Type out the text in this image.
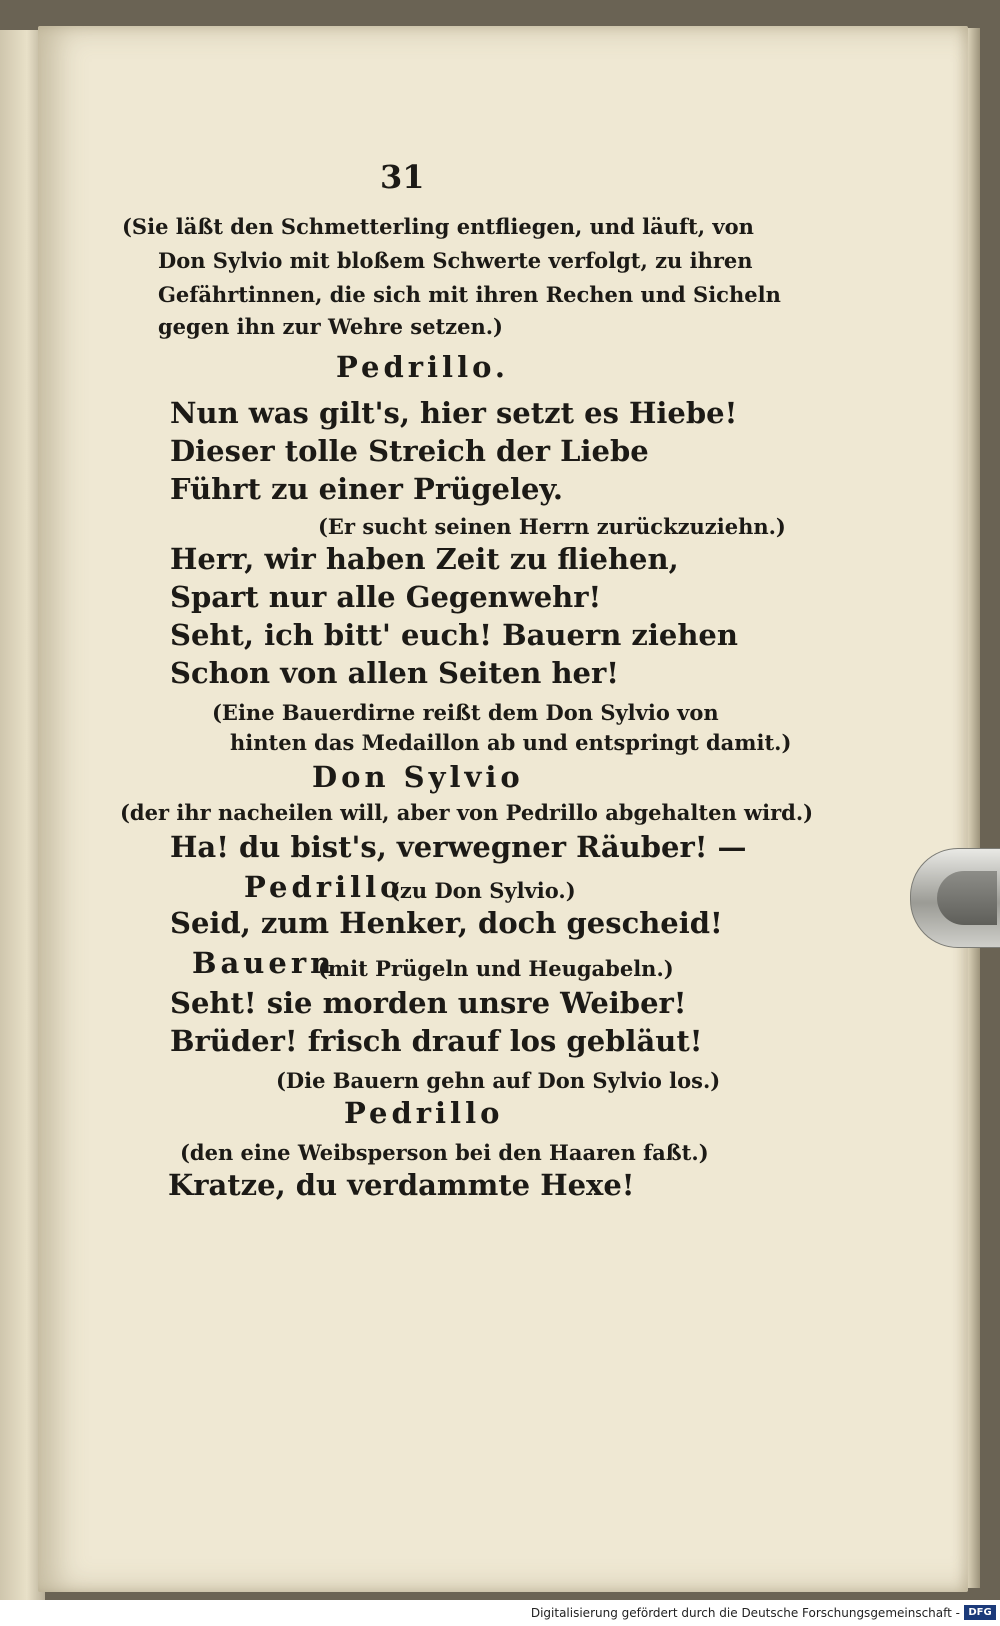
31
(Sie läßt den Schmetterling entfliegen, und läuft, von
Don Sylvio mit bloßem Schwerte verfolgt, zu ihren
Gefährtinnen, die sich mit ihren Rechen und Sicheln
gegen ihn zur Wehre setzen.)
Pedrillo.
Nun was gilt's, hier setzt es Hiebe!
Dieser tolle Streich der Liebe
Führt zu einer Prügeley.
(Er sucht seinen Herrn zurückzuziehn.)
Herr, wir haben Zeit zu fliehen,
Spart nur alle Gegenwehr!
Seht, ich bitt' euch! Bauern ziehen
Schon von allen Seiten her!
(Eine Bauerdirne reißt dem Don Sylvio von
hinten das Medaillon ab und entspringt damit.)
Don Sylvio
(der ihr nacheilen will, aber von Pedrillo abgehalten wird.)
Ha! du bist's, verwegner Räuber! —
Pedrillo
(zu Don Sylvio.)
Seid, zum Henker, doch gescheid!
Bauern
(mit Prügeln und Heugabeln.)
Seht! sie morden unsre Weiber!
Brüder! frisch drauf los gebläut!
(Die Bauern gehn auf Don Sylvio los.)
Pedrillo
(den eine Weibsperson bei den Haaren faßt.)
Kratze, du verdammte Hexe!
Digitalisierung gefördert durch die Deutsche Forschungsgemeinschaft - DFG
